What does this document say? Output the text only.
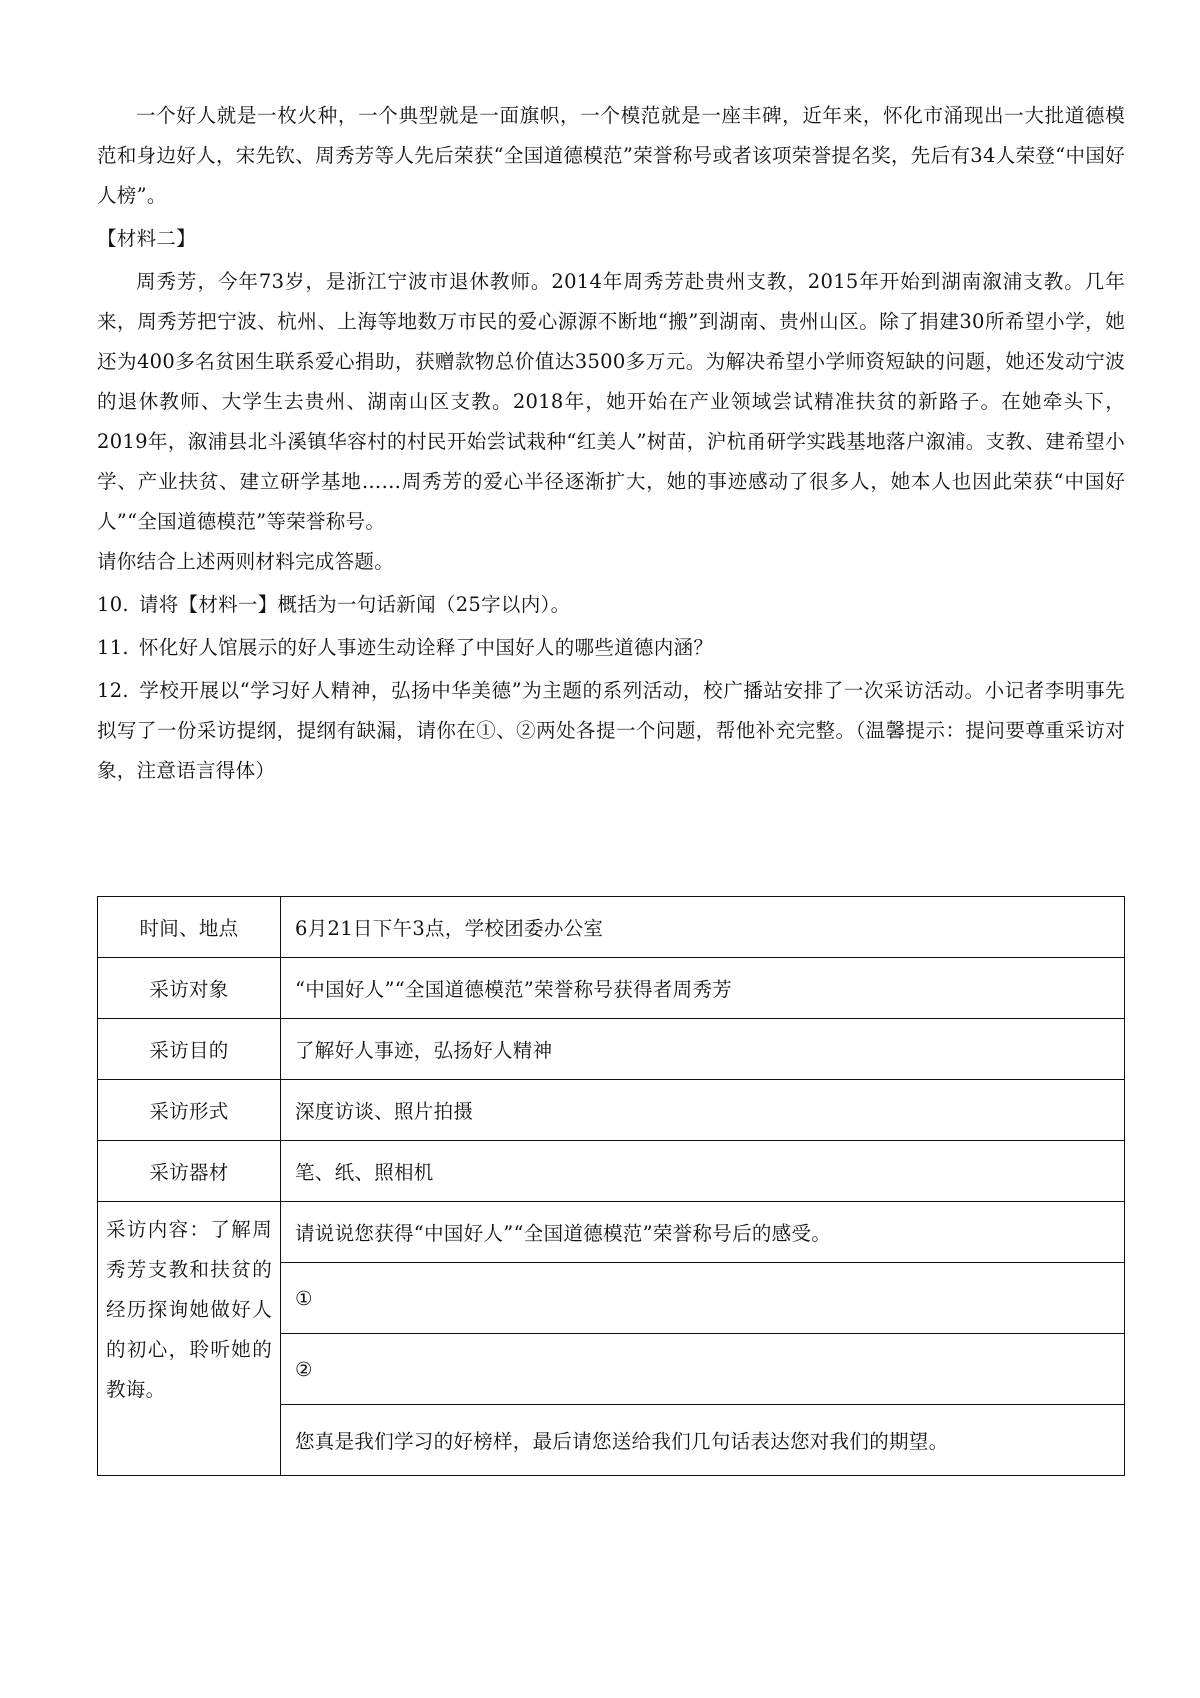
一个好人就是一枚火种，一个典型就是一面旗帜，一个模范就是一座丰碑，近年来，怀化市涌现出一大批道德模范和身边好人，宋先钦、周秀芳等人先后荣获“全国道德模范”荣誉称号或者该项荣誉提名奖，先后有34人荣登“中国好人榜”。

【材料二】

周秀芳，今年73岁，是浙江宁波市退休教师。2014年周秀芳赴贵州支教，2015年开始到湖南溆浦支教。几年来，周秀芳把宁波、杭州、上海等地数万市民的爱心源源不断地“搬”到湖南、贵州山区。除了捐建30所希望小学，她还为400多名贫困生联系爱心捐助，获赠款物总价值达3500多万元。为解决希望小学师资短缺的问题，她还发动宁波的退休教师、大学生去贵州、湖南山区支教。2018年，她开始在产业领域尝试精准扶贫的新路子。在她牵头下，2019年，溆浦县北斗溪镇华容村的村民开始尝试栽种“红美人”树苗，沪杭甬研学实践基地落户溆浦。支教、建希望小学、产业扶贫、建立研学基地……周秀芳的爱心半径逐渐扩大，她的事迹感动了很多人，她本人也因此荣获“中国好人”“全国道德模范”等荣誉称号。

请你结合上述两则材料完成答题。

10. 请将【材料一】概括为一句话新闻（25字以内）。

11. 怀化好人馆展示的好人事迹生动诠释了中国好人的哪些道德内涵？

12. 学校开展以“学习好人精神，弘扬中华美德”为主题的系列活动，校广播站安排了一次采访活动。小记者李明事先拟写了一份采访提纲，提纲有缺漏，请你在①、②两处各提一个问题，帮他补充完整。（温馨提示：提问要尊重采访对象，注意语言得体）

时间、地点	6月21日下午3点，学校团委办公室
采访对象	“中国好人”“全国道德模范”荣誉称号获得者周秀芳
采访目的	了解好人事迹，弘扬好人精神
采访形式	深度访谈、照片拍摄
采访器材	笔、纸、照相机
采访内容：了解周秀芳支教和扶贫的经历探询她做好人的初心，聆听她的教诲。	请说说您获得“中国好人”“全国道德模范”荣誉称号后的感受。
	①
	②
	您真是我们学习的好榜样，最后请您送给我们几句话表达您对我们的期望。
